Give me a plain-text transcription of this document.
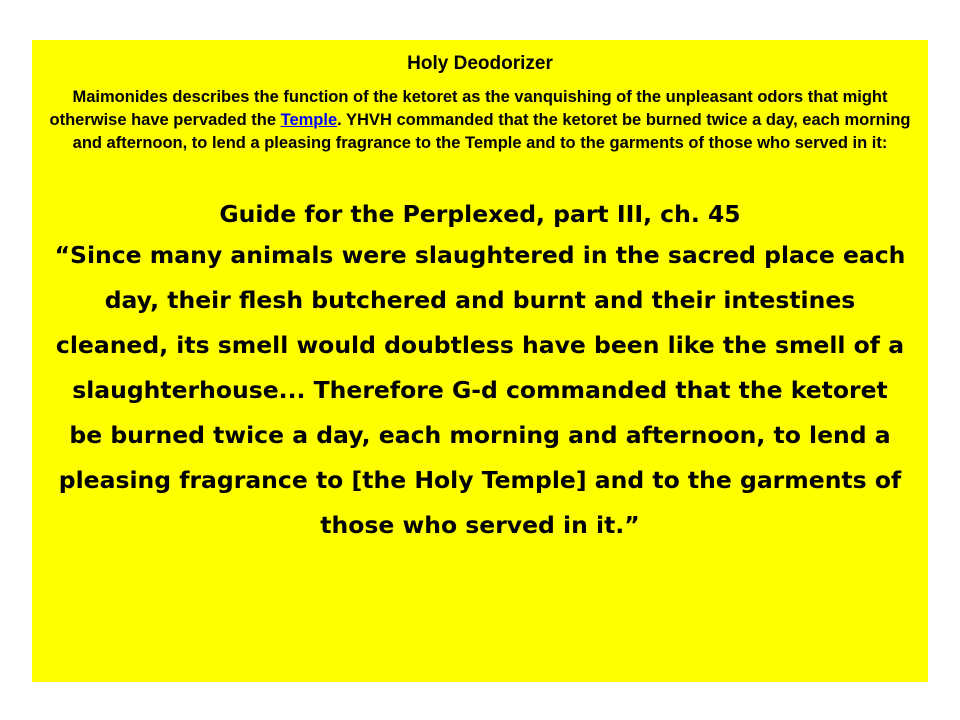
Holy Deodorizer

Maimonides describes the function of the ketoret as the vanquishing of the unpleasant odors that might otherwise have pervaded the Temple. YHVH commanded that the ketoret be burned twice a day, each morning and afternoon, to lend a pleasing fragrance to the Temple and to the garments of those who served in it:

Guide for the Perplexed, part III, ch. 45

“Since many animals were slaughtered in the sacred place each day, their flesh butchered and burnt and their intestines cleaned, its smell would doubtless have been like the smell of a slaughterhouse... Therefore G-d commanded that the ketoret be burned twice a day, each morning and afternoon, to lend a pleasing fragrance to [the Holy Temple] and to the garments of those who served in it.”
